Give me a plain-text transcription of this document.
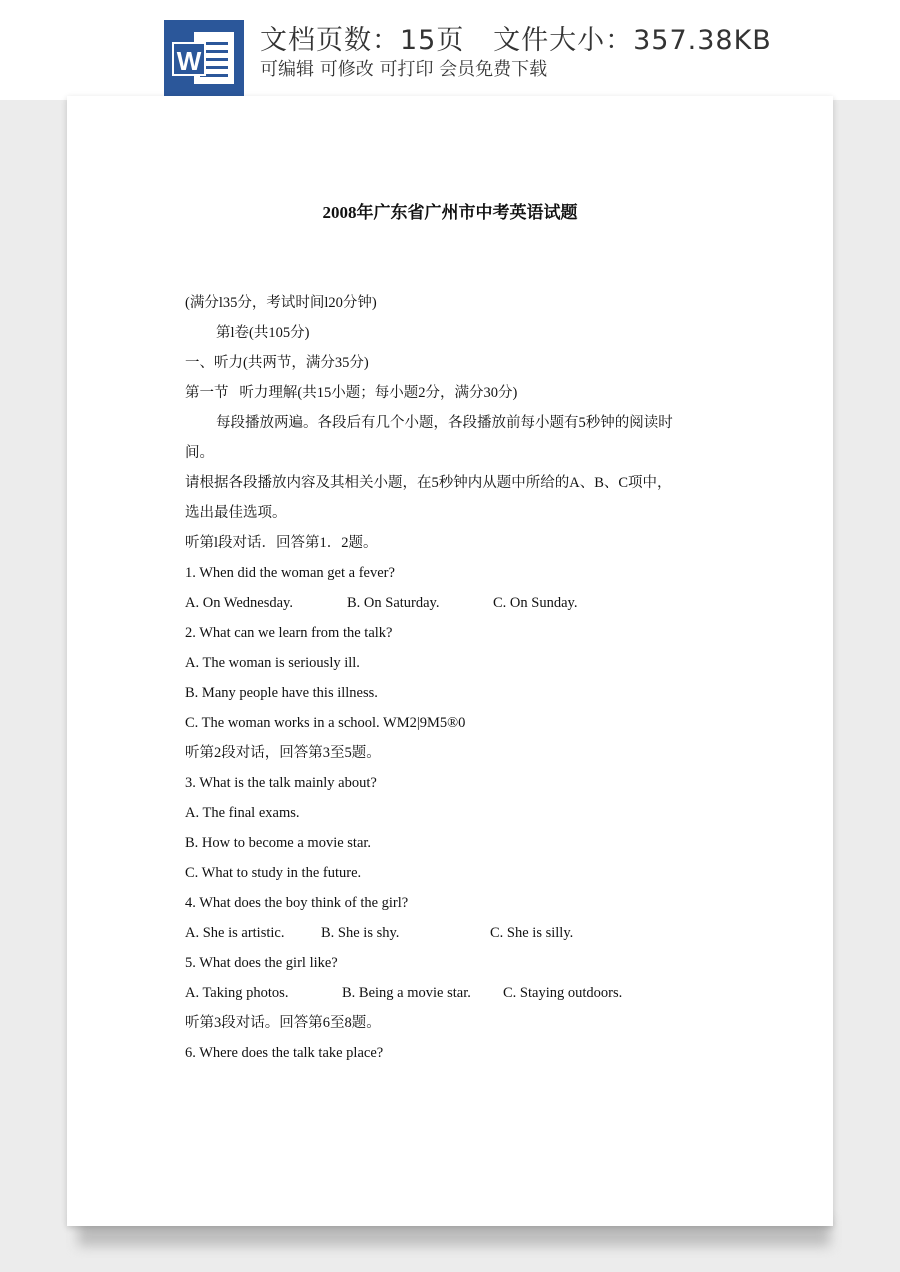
W
文档页数：15页   文件大小：357.38KB
可编辑 可修改 可打印 会员免费下载
2008年广东省广州市中考英语试题
(满分l35分，考试时间l20分钟)
第l卷(共105分)
一、听力(共两节，满分35分)
第一节   听力理解(共15小题；每小题2分，满分30分)
每段播放两遍。各段后有几个小题，各段播放前每小题有5秒钟的阅读时
间。
请根据各段播放内容及其相关小题，在5秒钟内从题中所给的A、B、C项中，
选出最佳选项。
听第l段对话．回答第1．2题。
1. When did the woman get a fever?
A. On Wednesday.	B. On Saturday.	C. On Sunday.
2. What can we learn from the talk?
A. The woman is seriously ill.
B. Many people have this illness.
C. The woman works in a school. WM2|9M5®0
听第2段对话，回答第3至5题。
3. What is the talk mainly about?
A. The final exams.
B. How to become a movie star.
C. What to study in the future.
4. What does the boy think of the girl?
A. She is artistic.	B. She is shy.	C. She is silly.
5. What does the girl like?
A. Taking photos.	B. Being a movie star.	C. Staying outdoors.
听第3段对话。回答第6至8题。
6. Where does the talk take place?
